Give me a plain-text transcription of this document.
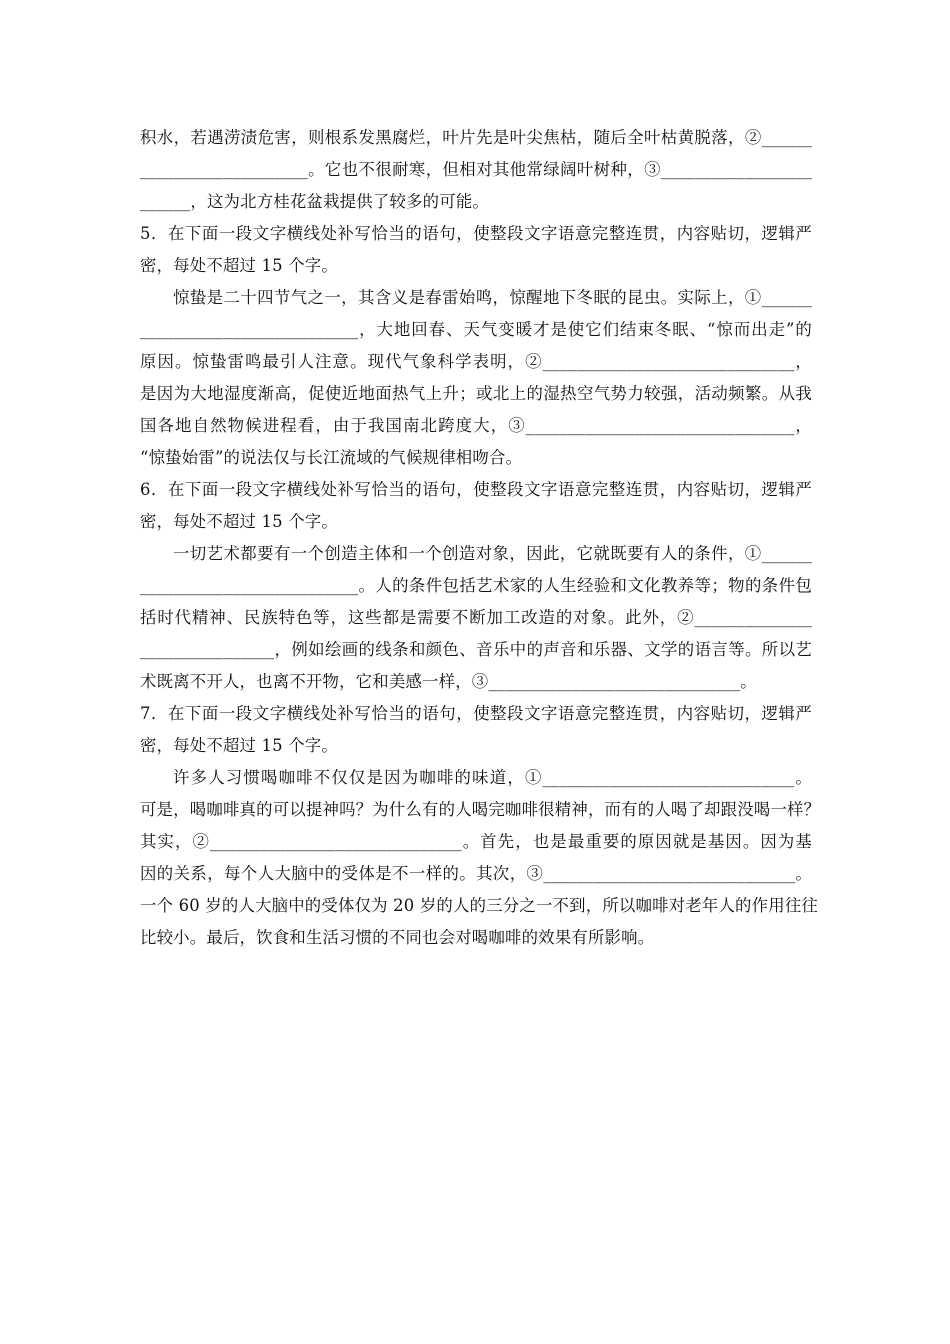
积水，若遇涝渍危害，则根系发黑腐烂，叶片先是叶尖焦枯，随后全叶枯黄脱落，②______
____________________。它也不很耐寒，但相对其他常绿阔叶树种，③__________________
______，这为北方桂花盆栽提供了较多的可能。
5．在下面一段文字横线处补写恰当的语句，使整段文字语意完整连贯，内容贴切，逻辑严
密，每处不超过 15 个字。
惊蛰是二十四节气之一，其含义是春雷始鸣，惊醒地下冬眠的昆虫。实际上，①______
__________________________，大地回春、天气变暖才是使它们结束冬眠、“惊而出走”的
原因。惊蛰雷鸣最引人注意。现代气象科学表明，②______________________________，
是因为大地湿度渐高，促使近地面热气上升；或北上的湿热空气势力较强，活动频繁。从我
国各地自然物候进程看，由于我国南北跨度大，③________________________________，
“惊蛰始雷”的说法仅与长江流域的气候规律相吻合。
6．在下面一段文字横线处补写恰当的语句，使整段文字语意完整连贯，内容贴切，逻辑严
密，每处不超过 15 个字。
一切艺术都要有一个创造主体和一个创造对象，因此，它就既要有人的条件，①______
__________________________。人的条件包括艺术家的人生经验和文化教养等；物的条件包
括时代精神、民族特色等，这些都是需要不断加工改造的对象。此外，②______________
________________，例如绘画的线条和颜色、音乐中的声音和乐器、文学的语言等。所以艺
术既离不开人，也离不开物，它和美感一样，③______________________________。
7．在下面一段文字横线处补写恰当的语句，使整段文字语意完整连贯，内容贴切，逻辑严
密，每处不超过 15 个字。
许多人习惯喝咖啡不仅仅是因为咖啡的味道，①______________________________。
可是，喝咖啡真的可以提神吗？为什么有的人喝完咖啡很精神，而有的人喝了却跟没喝一样？
其实，②______________________________。首先，也是最重要的原因就是基因。因为基
因的关系，每个人大脑中的受体是不一样的。其次，③______________________________。
一个 60 岁的人大脑中的受体仅为 20 岁的人的三分之一不到，所以咖啡对老年人的作用往往
比较小。最后，饮食和生活习惯的不同也会对喝咖啡的效果有所影响。
